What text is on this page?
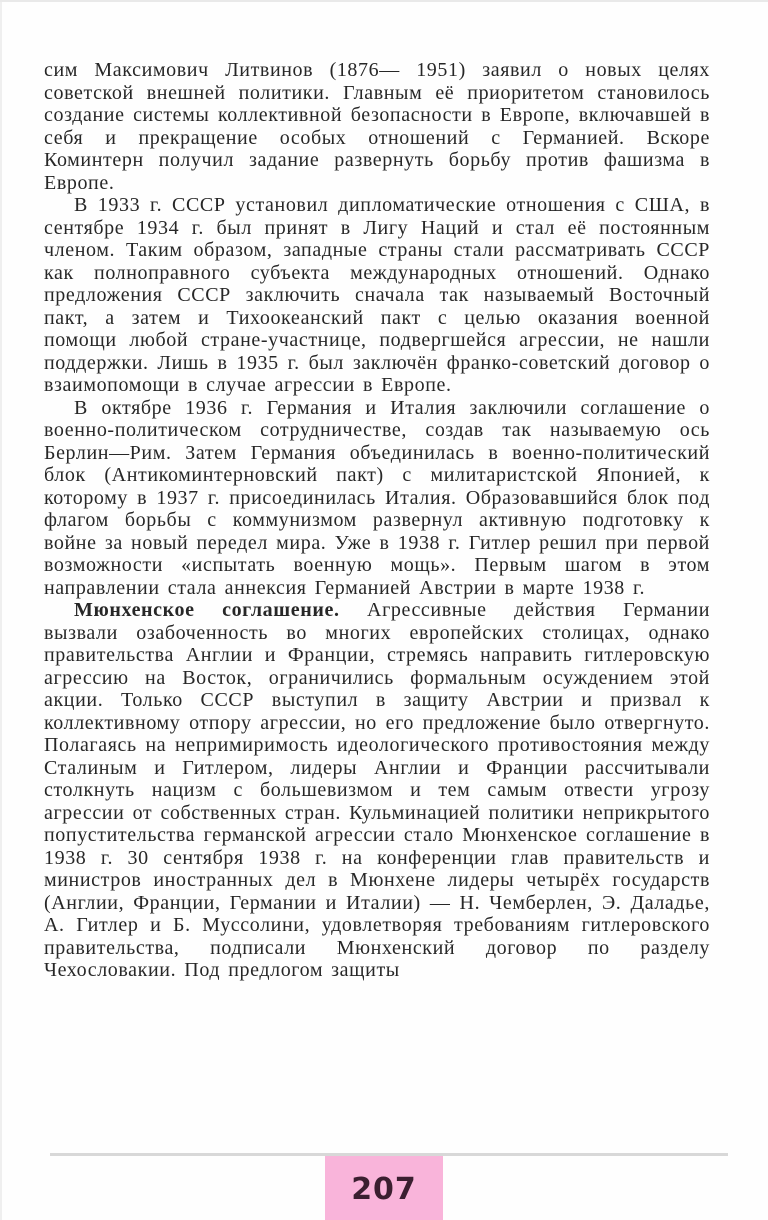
сим Максимович Литвинов (1876— 1951) заявил о новых целях советской внешней политики. Главным её приоритетом становилось создание системы коллективной безопасности в Европе, включавшей в себя и прекращение особых отношений с Германией. Вскоре Коминтерн получил задание развернуть борьбу против фашизма в Европе.

В 1933 г. СССР установил дипломатические отношения с США, в сентябре 1934 г. был принят в Лигу Наций и стал её постоянным членом. Таким образом, западные страны стали рассматривать СССР как полноправного субъекта международных отношений. Однако предложения СССР заключить сначала так называемый Восточный пакт, а затем и Тихоокеанский пакт с целью оказания военной помощи любой стране-участнице, подвергшейся агрессии, не нашли поддержки. Лишь в 1935 г. был заключён франко-советский договор о взаимопомощи в случае агрессии в Европе.

В октябре 1936 г. Германия и Италия заключили соглашение о военно-политическом сотрудничестве, создав так называемую ось Берлин—Рим. Затем Германия объединилась в военно-политический блок (Антикоминтерновский пакт) с милитаристской Японией, к которому в 1937 г. присоединилась Италия. Образовавшийся блок под флагом борьбы с коммунизмом развернул активную подготовку к войне за новый передел мира. Уже в 1938 г. Гитлер решил при первой возможности «испытать военную мощь». Первым шагом в этом направлении стала аннексия Германией Австрии в марте 1938 г.

Мюнхенское соглашение. Агрессивные действия Германии вызвали озабоченность во многих европейских столицах, однако правительства Англии и Франции, стремясь направить гитлеровскую агрессию на Восток, ограничились формальным осуждением этой акции. Только СССР выступил в защиту Австрии и призвал к коллективному отпору агрессии, но его предложение было отвергнуто. Полагаясь на непримиримость идеологического противостояния между Сталиным и Гитлером, лидеры Англии и Франции рассчитывали столкнуть нацизм с большевизмом и тем самым отвести угрозу агрессии от собственных стран. Кульминацией политики неприкрытого попустительства германской агрессии стало Мюнхенское соглашение в 1938 г. 30 сентября 1938 г. на конференции глав правительств и министров иностранных дел в Мюнхене лидеры четырёх государств (Англии, Франции, Германии и Италии) — Н. Чемберлен, Э. Даладье, А. Гитлер и Б. Муссолини, удовлетворяя требованиям гитлеровского правительства, подписали Мюнхенский договор по разделу Чехословакии. Под предлогом защиты

207
